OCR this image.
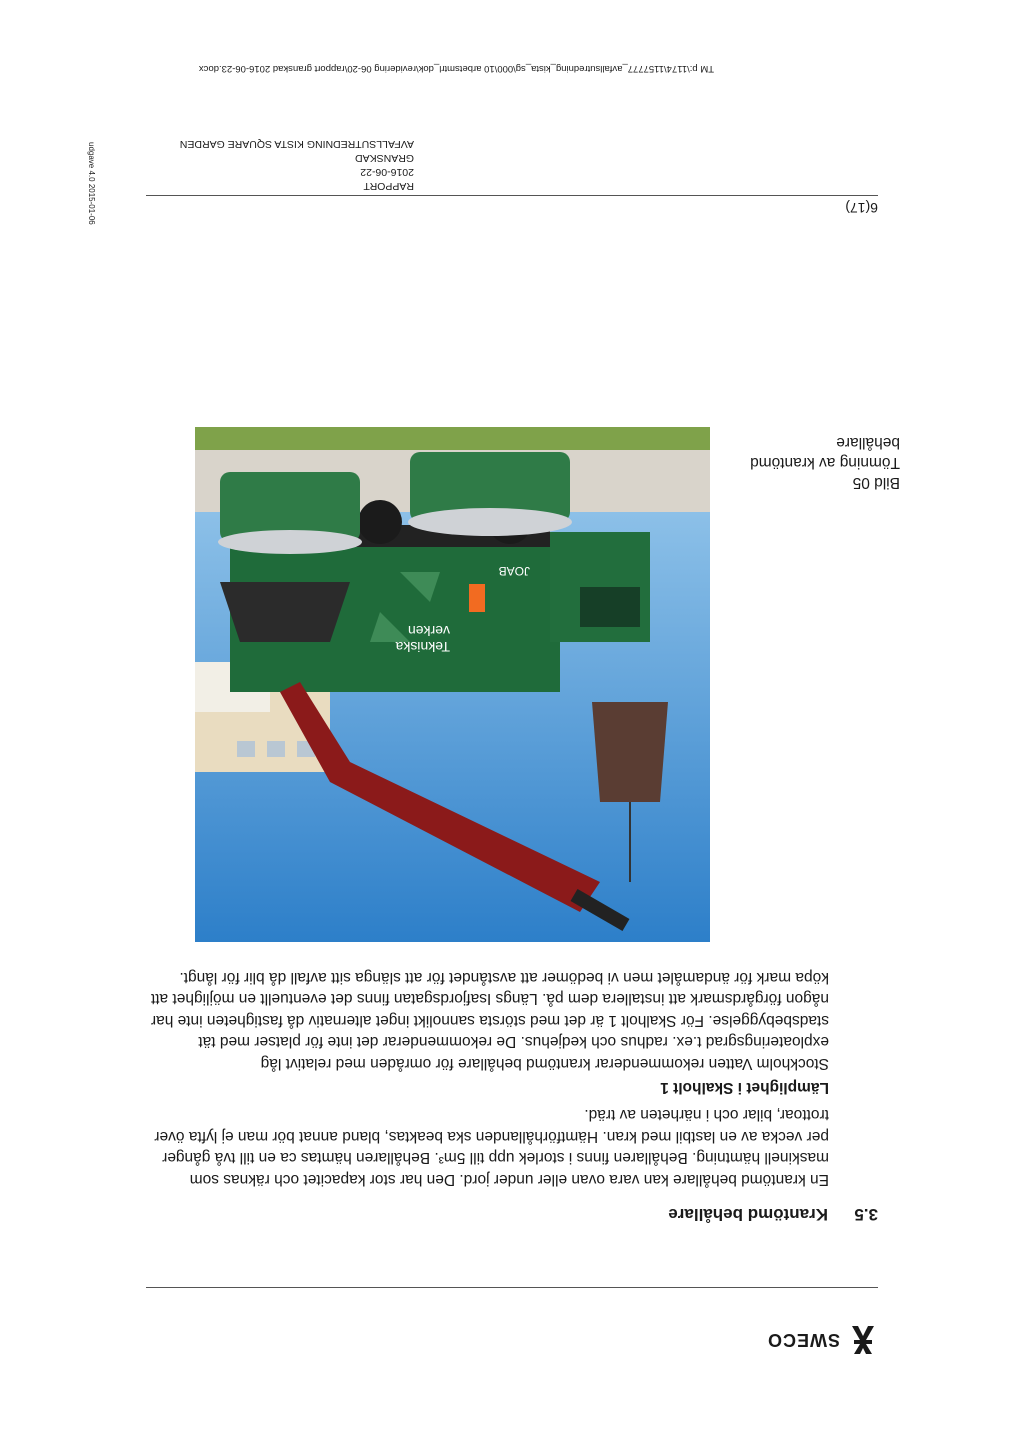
SWECO
3.5Krantömd behållare

En krantömd behållare kan vara ovan eller under jord. Den har stor kapacitet och räknas som maskinell hämtning. Behållaren finns i storlek upp till 5m³. Behållaren hämtas ca en till två gånger per vecka av en lastbil med kran. Hämtförhållanden ska beaktas, bland annat bör man ej lyfta över trottoar, bilar och i närheten av träd.

Lämplighet i Skalholt 1

Stockholm Vatten rekommenderar krantömd behållare för områden med relativt låg exploateringsgrad t.ex. radhus och kedjehus. De rekommenderar det inte för platser med tät stadsbebyggelse. För Skalholt 1 är det med största sannolikt inget alternativ då fastigheten inte har någon förgårdsmark att installera dem på. Längs Isafjordsgatan finns det eventuellt en möjlighet att köpa mark för ändamålet men vi bedömer att avståndet för att slänga sitt avfall då blir för långt.

Tekniska
verken
JOAB
Bild 05
Tömning av krantömd
behållare
6(17)
RAPPORT
2016-06-22
GRANSKAD
AVFALLSUTREDNING KISTA SQUARE GARDEN
TM p:\1174\1157777_avfallsutredning_kista_sg\000\10 arbetsmtrl_dok\revidering 06-20\rapport granskad 2016-06-23.docx
udgave 4.0 2015-01-06
